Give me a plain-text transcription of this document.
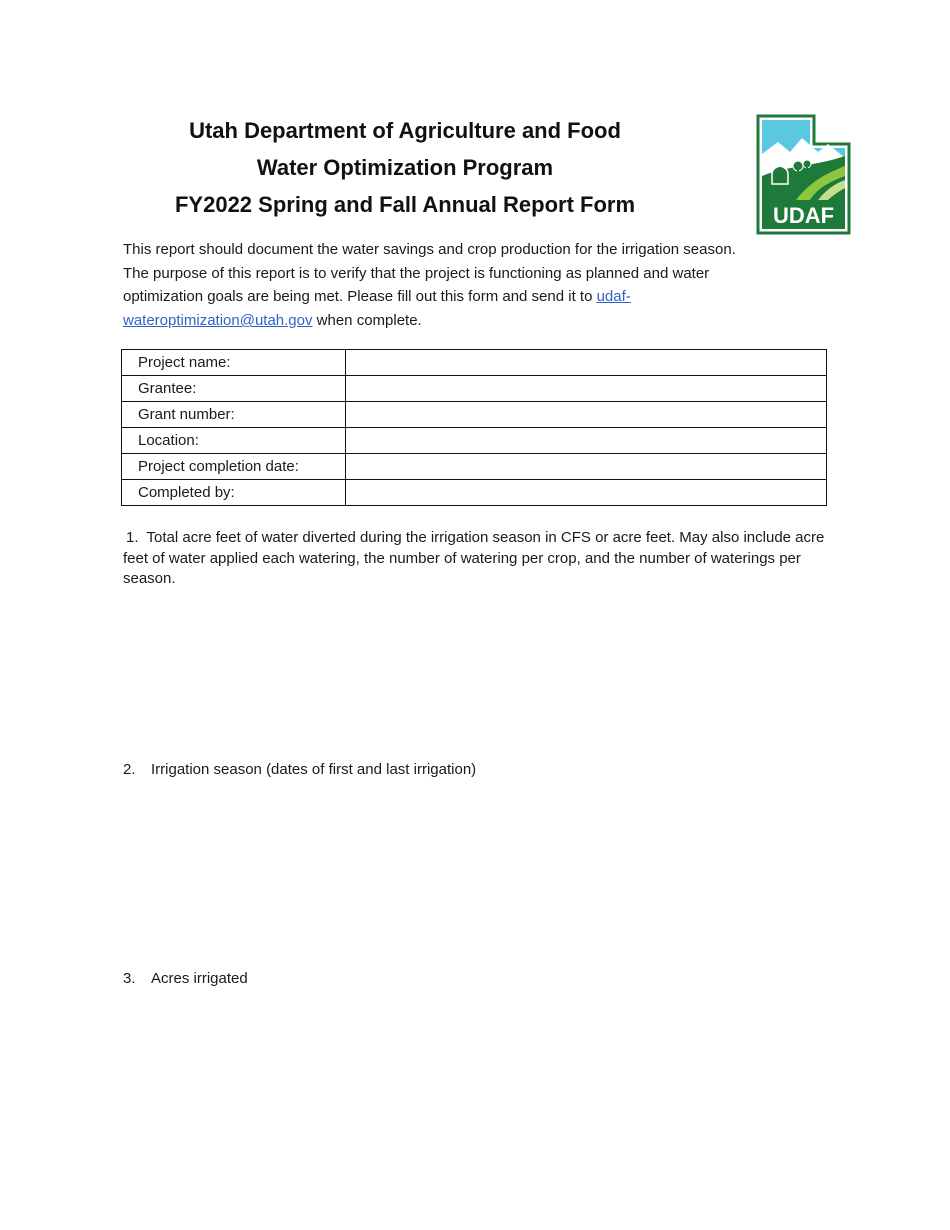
Utah Department of Agriculture and Food
Water Optimization Program
FY2022 Spring and Fall Annual Report Form	UDAF
This report should document the water savings and crop production for the irrigation season. The purpose of this report is to verify that the project is functioning as planned and water optimization goals are being met. Please fill out this form and send it to udaf-wateroptimization@utah.gov when complete.
Project name:	
Grantee:	
Grant number:	
Location:	
Project completion date:	
Completed by:	
1. Total acre feet of water diverted during the irrigation season in CFS or acre feet. May also include acre feet of water applied each watering, the number of watering per crop, and the number of waterings per season.
2. Irrigation season (dates of first and last irrigation)
3. Acres irrigated
